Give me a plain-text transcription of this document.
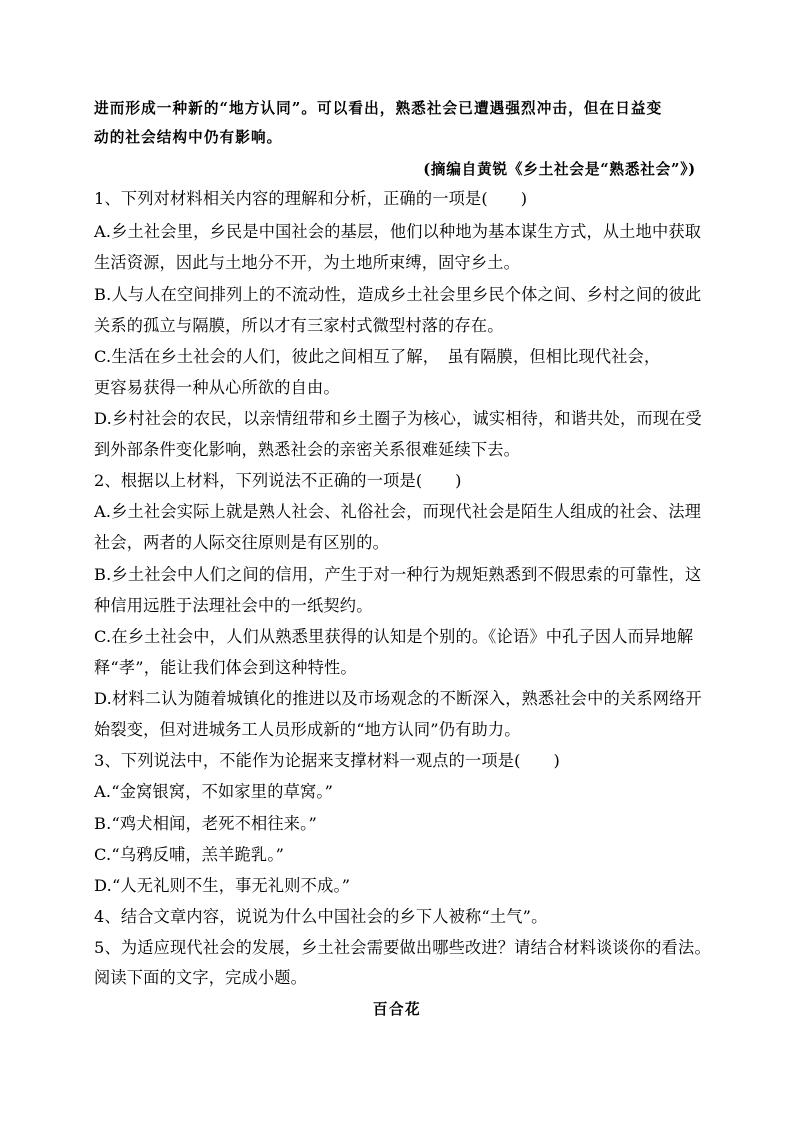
进而形成一种新的“地方认同”。可以看出，熟悉社会已遭遇强烈冲击，但在日益变
动的社会结构中仍有影响。
(摘编自黄锐《乡土社会是“熟悉社会”》)
1、下列对材料相关内容的理解和分析，正确的一项是(　　)
A.乡土社会里，乡民是中国社会的基层，他们以种地为基本谋生方式，从土地中获取
生活资源，因此与土地分不开，为土地所束缚，固守乡土。
B.人与人在空间排列上的不流动性，造成乡土社会里乡民个体之间、乡村之间的彼此
关系的孤立与隔膜，所以才有三家村式微型村落的存在。
C.生活在乡土社会的人们，彼此之间相互了解，　虽有隔膜，但相比现代社会，
更容易获得一种从心所欲的自由。
D.乡村社会的农民，以亲情纽带和乡土圈子为核心，诚实相待，和谐共处，而现在受
到外部条件变化影响，熟悉社会的亲密关系很难延续下去。
2、根据以上材料，下列说法不正确的一项是(　　)
A.乡土社会实际上就是熟人社会、礼俗社会，而现代社会是陌生人组成的社会、法理
社会，两者的人际交往原则是有区别的。
B.乡土社会中人们之间的信用，产生于对一种行为规矩熟悉到不假思索的可靠性，这
种信用远胜于法理社会中的一纸契约。
C.在乡土社会中，人们从熟悉里获得的认知是个别的。《论语》中孔子因人而异地解
释“孝”，能让我们体会到这种特性。
D.材料二认为随着城镇化的推进以及市场观念的不断深入，熟悉社会中的关系网络开
始裂变，但对进城务工人员形成新的“地方认同”仍有助力。
3、下列说法中，不能作为论据来支撑材料一观点的一项是(　　)
A.“金窝银窝，不如家里的草窝。”
B.“鸡犬相闻，老死不相往来。”
C.“乌鸦反哺，羔羊跪乳。”
D.“人无礼则不生，事无礼则不成。”
4、结合文章内容，说说为什么中国社会的乡下人被称“土气”。
5、为适应现代社会的发展，乡土社会需要做出哪些改进？请结合材料谈谈你的看法。
阅读下面的文字，完成小题。
百合花
